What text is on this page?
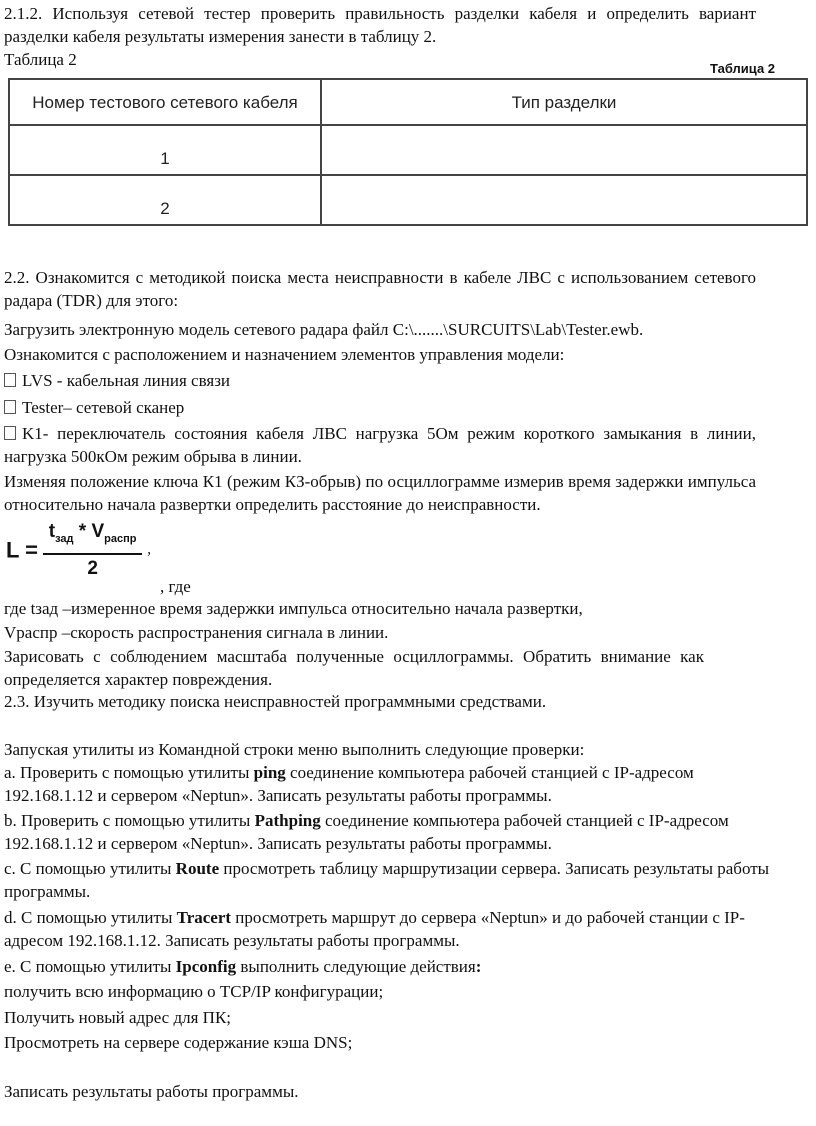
2.1.2. Используя сетевой тестер проверить правильность разделки кабеля и определить вариант разделки кабеля результаты измерения занести в таблицу 2.
Таблица 2	Таблица 2
Номер тестового сетевого кабеля	Тип разделки
1	
2	
2.2. Ознакомится с методикой поиска места неисправности в кабеле ЛВС с использованием сетевого радара (TDR) для этого:
Загрузить электронную модель сетевого радара файл C:\.......\SURCUITS\Lab\Tester.ewb.
Ознакомится с расположением и назначением элементов управления модели:
LVS - кабельная линия связи
Tester– сетевой сканер
K1- переключатель состояния кабеля ЛВС нагрузка 5Ом режим короткого замыкания в линии, нагрузка 500кОм режим обрыва в линии.
Изменяя положение ключа К1 (режим КЗ-обрыв) по осциллограмме измерив время задержки импульса относительно начала развертки определить расстояние до неисправности.
$L = \frac{t_{зад} * V_{распр}}{2}$ ,
, где
где tзад –измеренное время задержки импульса относительно начала развертки,
Vраспр –скорость распространения сигнала в линии.
Зарисовать с соблюдением масштаба полученные осциллограммы. Обратить внимание как определяется характер повреждения.
2.3. Изучить методику поиска неисправностей программными средствами.
Запуская утилиты из Командной строки меню выполнить следующие проверки:
a. Проверить с помощью утилиты ping соединение компьютера рабочей станцией с IP-адресом 192.168.1.12 и сервером «Neptun». Записать результаты работы программы.
b. Проверить с помощью утилиты Pathping соединение компьютера рабочей станцией с IP-адресом 192.168.1.12 и сервером «Neptun». Записать результаты работы программы.
c. С помощью утилиты Route просмотреть таблицу маршрутизации сервера. Записать результаты работы программы.
d. С помощью утилиты Tracert просмотреть маршрут до сервера «Neptun» и до рабочей станции с IP-адресом 192.168.1.12. Записать результаты работы программы.
e. С помощью утилиты Ipconfig выполнить следующие действия:
получить всю информацию о TCP/IP конфигурации;
Получить новый адрес для ПК;
Просмотреть на сервере содержание кэша DNS;
Записать результаты работы программы.
